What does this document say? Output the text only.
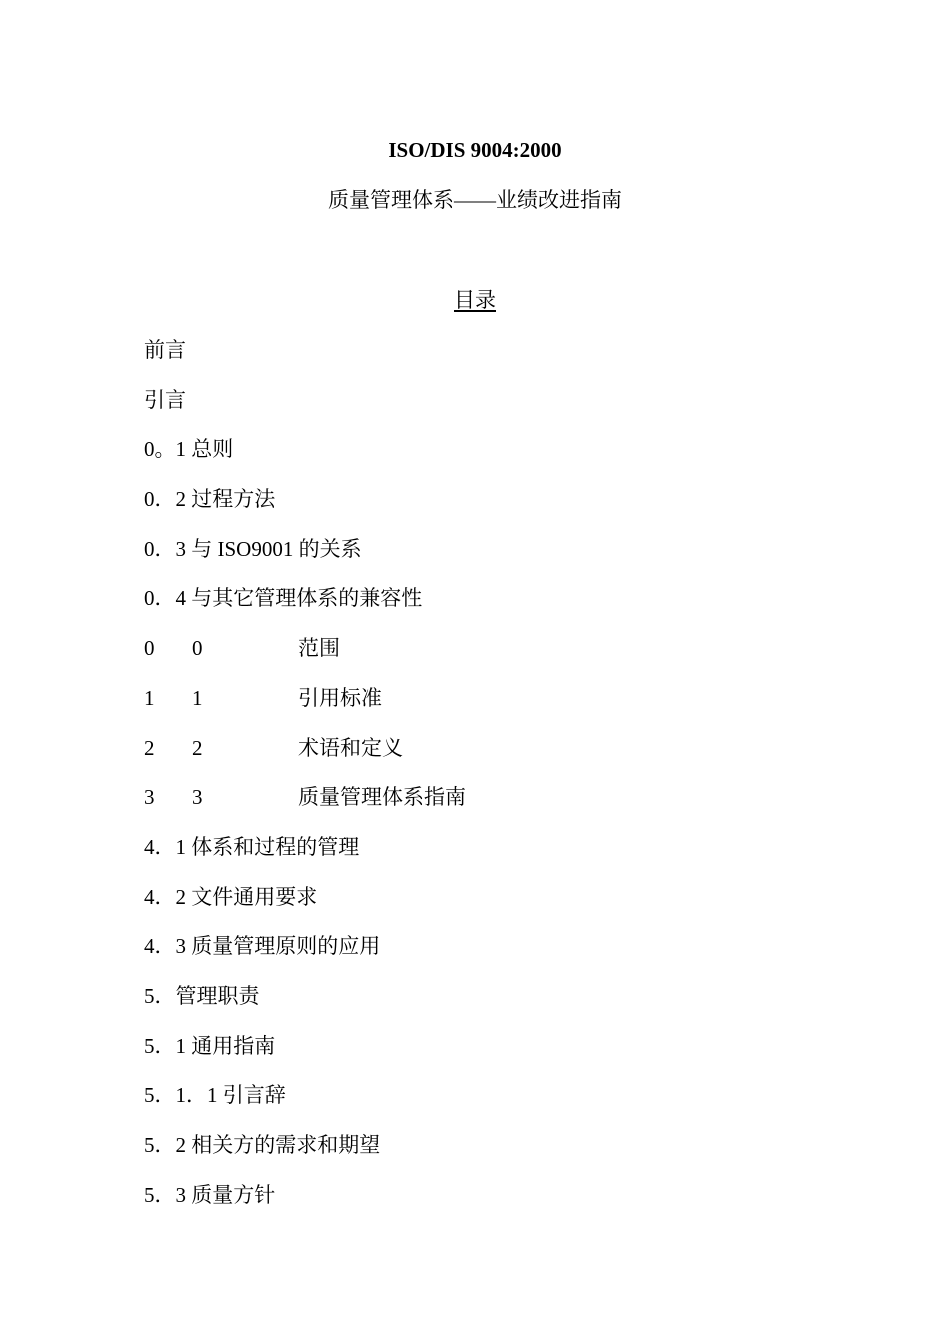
ISO/DIS 9004:2000
质量管理体系——业绩改进指南
目录
前言
引言
0。1 总则
0．2 过程方法
0．3 与 ISO9001 的关系
0．4 与其它管理体系的兼容性
0 0	范围
1 1	引用标准
2 2	术语和定义
3 3	质量管理体系指南
4．1 体系和过程的管理
4．2 文件通用要求
4．3 质量管理原则的应用
5．管理职责
5．1 通用指南
5．1．1 引言辞
5．2 相关方的需求和期望
5．3 质量方针
